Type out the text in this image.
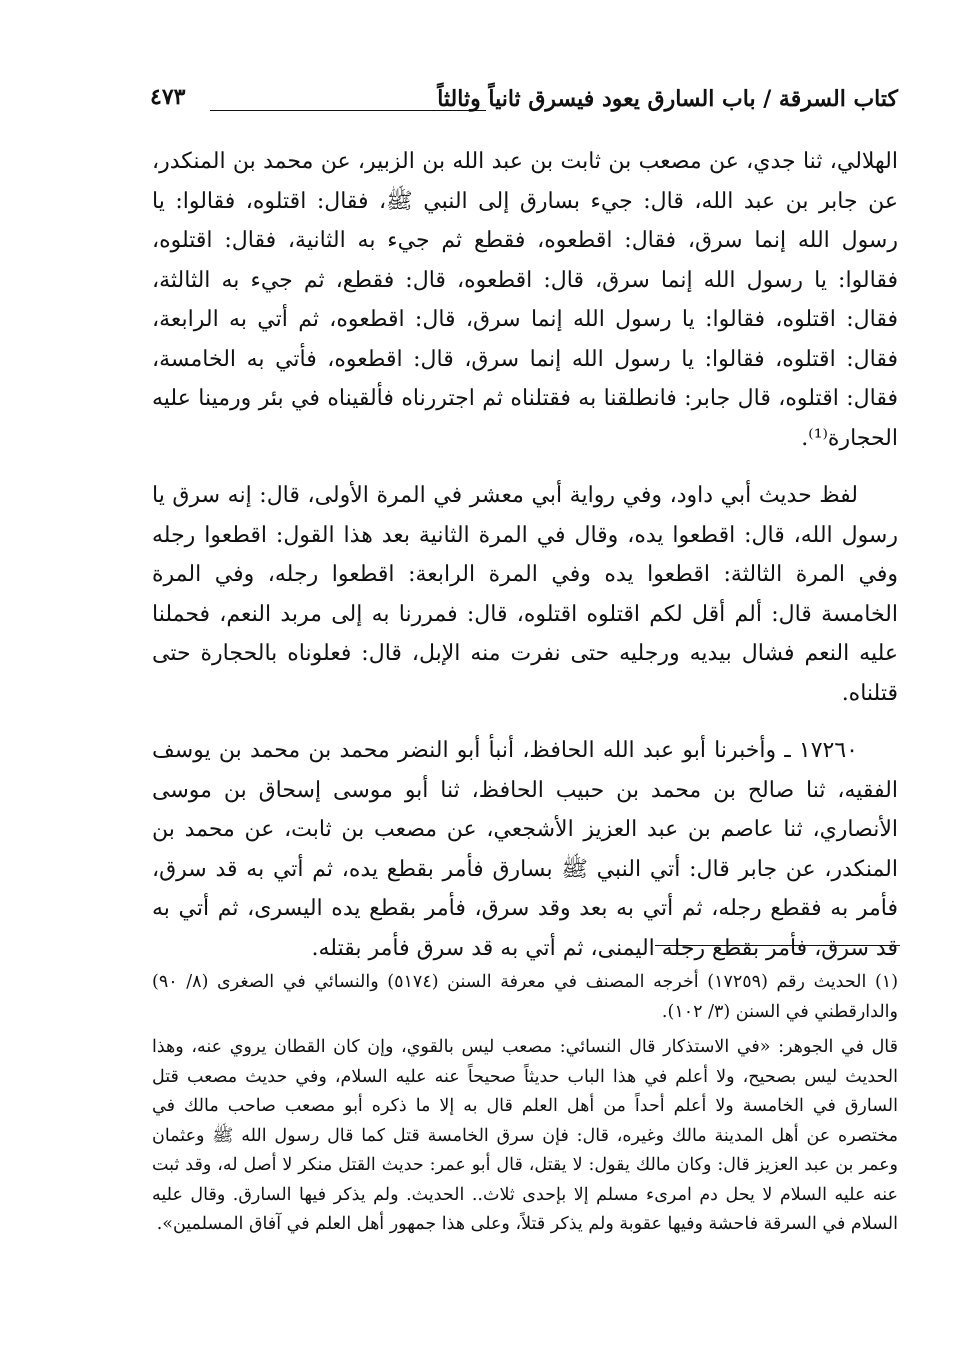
كتاب السرقة / باب السارق يعود فيسرق ثانياً وثالثاً
٤٧٣

الهلالي، ثنا جدي، عن مصعب بن ثابت بن عبد الله بن الزبير، عن محمد بن المنكدر، عن جابر بن عبد الله، قال: جيء بسارق إلى النبي ﷺ، فقال: اقتلوه، فقالوا: يا رسول الله إنما سرق، فقال: اقطعوه، فقطع ثم جيء به الثانية، فقال: اقتلوه، فقالوا: يا رسول الله إنما سرق، قال: اقطعوه، قال: فقطع، ثم جيء به الثالثة، فقال: اقتلوه، فقالوا: يا رسول الله إنما سرق، قال: اقطعوه، ثم أتي به الرابعة، فقال: اقتلوه، فقالوا: يا رسول الله إنما سرق، قال: اقطعوه، فأتي به الخامسة، فقال: اقتلوه، قال جابر: فانطلقنا به فقتلناه ثم اجتررناه فألقيناه في بئر ورمينا عليه الحجارة⁽¹⁾.

لفظ حديث أبي داود، وفي رواية أبي معشر في المرة الأولى، قال: إنه سرق يا رسول الله، قال: اقطعوا يده، وقال في المرة الثانية بعد هذا القول: اقطعوا رجله وفي المرة الثالثة: اقطعوا يده وفي المرة الرابعة: اقطعوا رجله، وفي المرة الخامسة قال: ألم أقل لكم اقتلوه اقتلوه، قال: فمررنا به إلى مربد النعم، فحملنا عليه النعم فشال بيديه ورجليه حتى نفرت منه الإبل، قال: فعلوناه بالحجارة حتى قتلناه.

١٧٢٦٠ ـ وأخبرنا أبو عبد الله الحافظ، أنبأ أبو النضر محمد بن محمد بن يوسف الفقيه، ثنا صالح بن محمد بن حبيب الحافظ، ثنا أبو موسى إسحاق بن موسى الأنصاري، ثنا عاصم بن عبد العزيز الأشجعي، عن مصعب بن ثابت، عن محمد بن المنكدر، عن جابر قال: أتي النبي ﷺ بسارق فأمر بقطع يده، ثم أتي به قد سرق، فأمر به فقطع رجله، ثم أتي به بعد وقد سرق، فأمر بقطع يده اليسرى، ثم أتي به قد سرق، فأمر بقطع رجله اليمنى، ثم أتي به قد سرق فأمر بقتله.

(١) الحديث رقم (١٧٢٥٩) أخرجه المصنف في معرفة السنن (٥١٧٤) والنسائي في الصغرى (٨/ ٩٠) والدارقطني في السنن (٣/ ١٠٢).

قال في الجوهر: «في الاستذكار قال النسائي: مصعب ليس بالقوي، وإن كان القطان يروي عنه، وهذا الحديث ليس بصحيح، ولا أعلم في هذا الباب حديثاً صحيحاً عنه عليه السلام، وفي حديث مصعب قتل السارق في الخامسة ولا أعلم أحداً من أهل العلم قال به إلا ما ذكره أبو مصعب صاحب مالك في مختصره عن أهل المدينة مالك وغيره، قال: فإن سرق الخامسة قتل كما قال رسول الله ﷺ وعثمان وعمر بن عبد العزيز قال: وكان مالك يقول: لا يقتل، قال أبو عمر: حديث القتل منكر لا أصل له، وقد ثبت عنه عليه السلام لا يحل دم امرىء مسلم إلا بإحدى ثلاث.. الحديث. ولم يذكر فيها السارق. وقال عليه السلام في السرقة فاحشة وفيها عقوبة ولم يذكر قتلاً، وعلى هذا جمهور أهل العلم في آفاق المسلمين».
